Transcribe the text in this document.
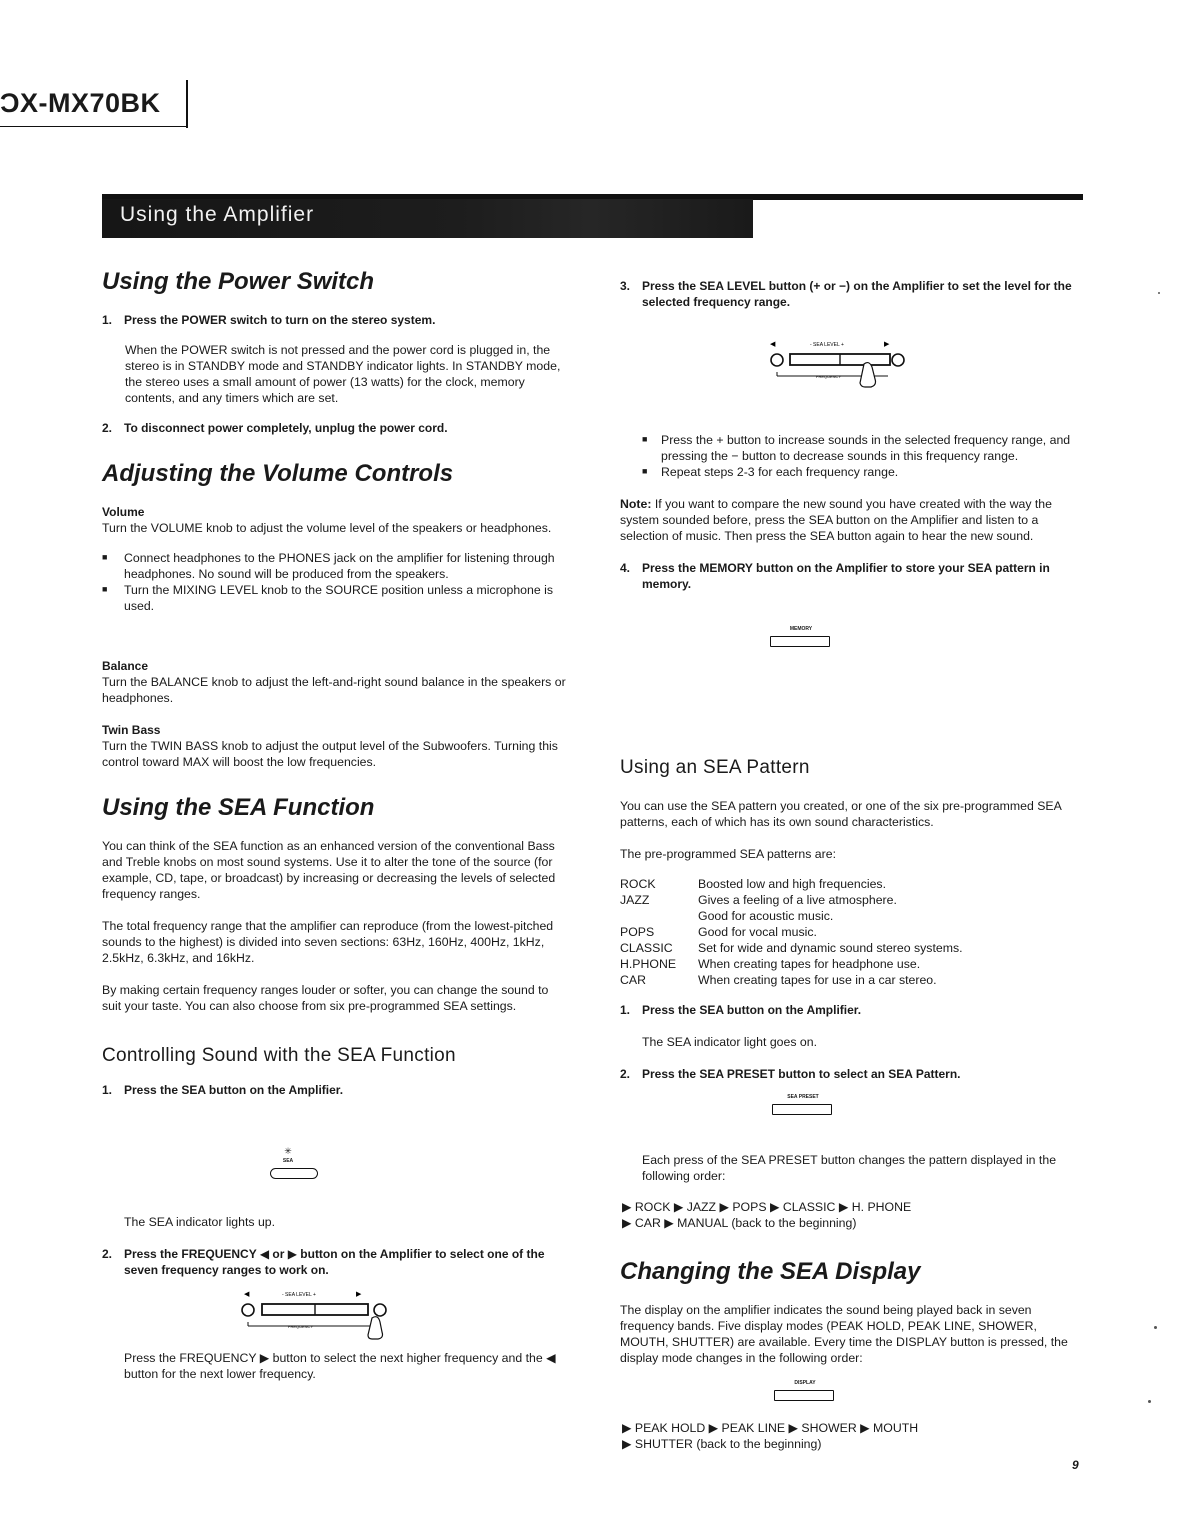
ϽX-MX70BK
Using the Amplifier
Using the Power Switch
1. Press the POWER switch to turn on the stereo system.

When the POWER switch is not pressed and the power cord is plugged in, the stereo is in STANDBY mode and STANDBY indicator lights. In STANDBY mode, the stereo uses a small amount of power (13 watts) for the clock, memory contents, and any timers which are set.

2. To disconnect power completely, unplug the power cord.
Adjusting the Volume Controls

Volume

Turn the VOLUME knob to adjust the volume level of the speakers or headphones.

■ Connect headphones to the PHONES jack on the amplifier for listening through headphones. No sound will be produced from the speakers.

■ Turn the MIXING LEVEL knob to the SOURCE position unless a microphone is used.

Balance

Turn the BALANCE knob to adjust the left-and-right sound balance in the speakers or headphones.

Twin Bass

Turn the TWIN BASS knob to adjust the output level of the Subwoofers. Turning this control toward MAX will boost the low frequencies.

Using the SEA Function

You can think of the SEA function as an enhanced version of the conventional Bass and Treble knobs on most sound systems. Use it to alter the tone of the source (for example, CD, tape, or broadcast) by increasing or decreasing the levels of selected frequency ranges.

The total frequency range that the amplifier can reproduce (from the lowest-pitched sounds to the highest) is divided into seven sections: 63Hz, 160Hz, 400Hz, 1kHz, 2.5kHz, 6.3kHz, and 16kHz.

By making certain frequency ranges louder or softer, you can change the sound to suit your taste. You can also choose from six pre-programmed SEA settings.

Controlling Sound with the SEA Function
1. Press the SEA button on the Amplifier.
✳
SEA

The SEA indicator lights up.

2. Press the FREQUENCY ◀ or ▶ button on the Amplifier to select one of the seven frequency ranges to work on.
◀	- SEA LEVEL +	▶
FREQUENCY
Press the FREQUENCY ▶ button to select the next higher frequency and the ◀ button for the next lower frequency.
3. Press the SEA LEVEL button (+ or −) on the Amplifier to set the level for the selected frequency range.
◀	- SEA LEVEL +	▶
FREQUENCY

■ Press the + button to increase sounds in the selected frequency range, and pressing the − button to decrease sounds in this frequency range.

■ Repeat steps 2-3 for each frequency range.

Note: If you want to compare the new sound you have created with the way the system sounded before, press the SEA button on the Amplifier and listen to a selection of music. Then press the SEA button again to hear the new sound.

4. Press the MEMORY button on the Amplifier to store your SEA pattern in memory.
MEMORY
Using an SEA Pattern

You can use the SEA pattern you created, or one of the six pre-programmed SEA patterns, each of which has its own sound characteristics.

The pre-programmed SEA patterns are:

ROCK	Boosted low and high frequencies.
JAZZ	Gives a feeling of a live atmosphere.
Good for acoustic music.
POPS	Good for vocal music.
CLASSIC	Set for wide and dynamic sound stereo systems.
H.PHONE	When creating tapes for headphone use.
CAR	When creating tapes for use in a car stereo.
1. Press the SEA button on the Amplifier.

The SEA indicator light goes on.

2. Press the SEA PRESET button to select an SEA Pattern.
SEA PRESET
Each press of the SEA PRESET button changes the pattern displayed in the following order:

▶ ROCK ▶ JAZZ ▶ POPS ▶ CLASSIC ▶ H. PHONE

▶ CAR ▶ MANUAL (back to the beginning)

Changing the SEA Display

The display on the amplifier indicates the sound being played back in seven frequency bands. Five display modes (PEAK HOLD, PEAK LINE, SHOWER, MOUTH, SHUTTER) are available. Every time the DISPLAY button is pressed, the display mode changes in the following order:

DISPLAY

▶ PEAK HOLD ▶ PEAK LINE ▶ SHOWER ▶ MOUTH

▶ SHUTTER (back to the beginning)

9
